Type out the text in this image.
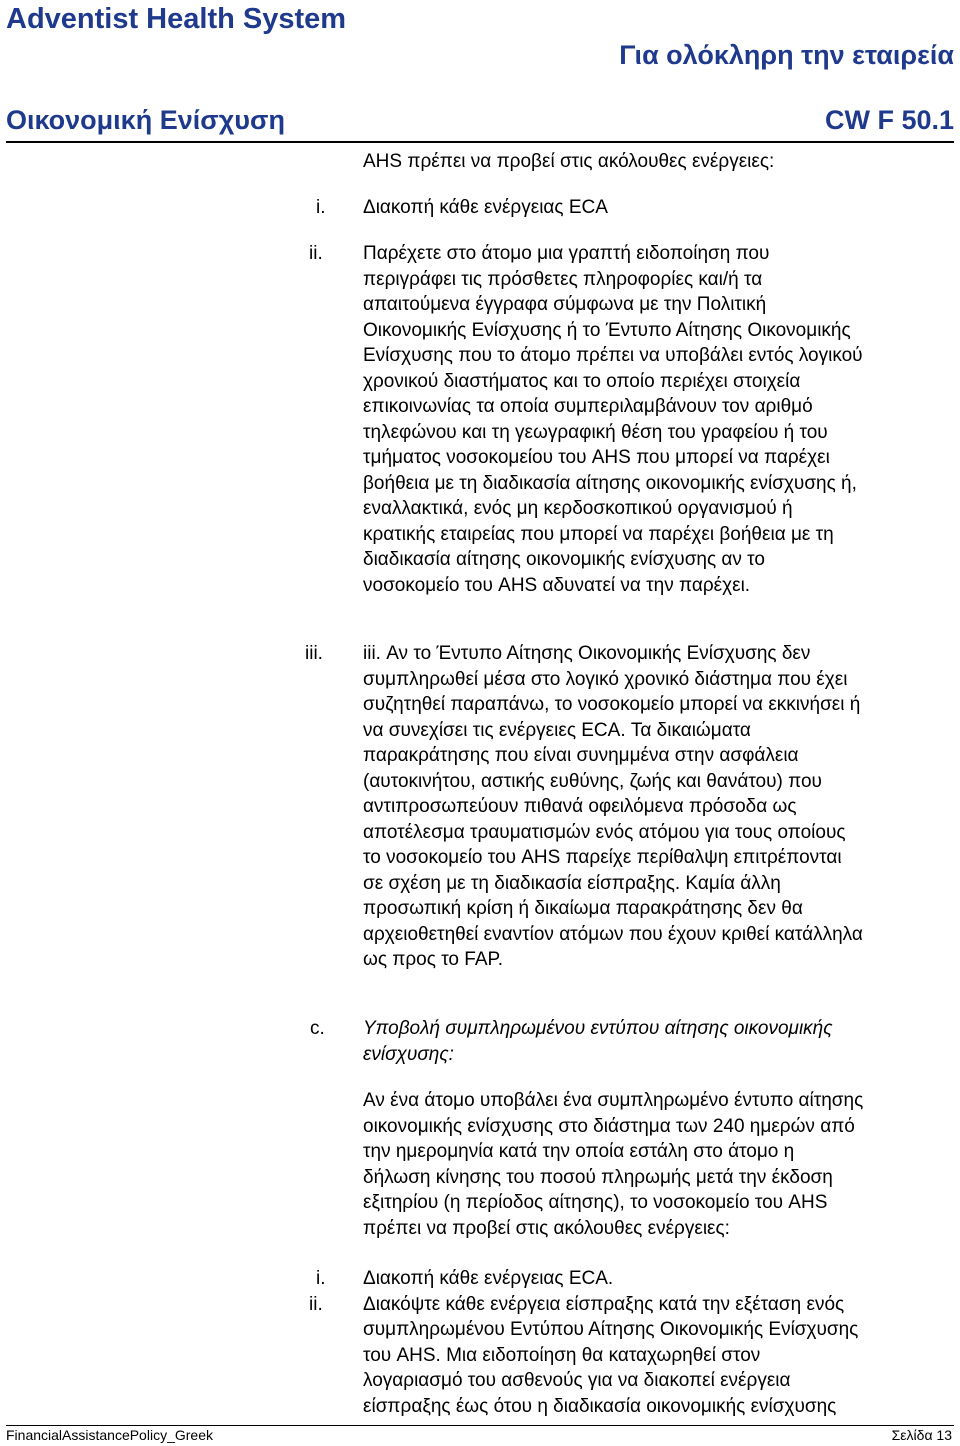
Adventist Health System
Για ολόκληρη την εταιρεία
Οικονομική Ενίσχυση	CW F 50.1
AHS πρέπει να προβεί στις ακόλουθες ενέργειες:
i. Διακοπή κάθε ενέργειας ECA
ii. Παρέχετε στο άτομο μια γραπτή ειδοποίηση που
περιγράφει τις πρόσθετες πληροφορίες και/ή τα
απαιτούμενα έγγραφα σύμφωνα με την Πολιτική
Οικονομικής Ενίσχυσης ή το Έντυπο Αίτησης Οικονομικής
Ενίσχυσης που το άτομο πρέπει να υποβάλει εντός λογικού
χρονικού διαστήματος και το οποίο περιέχει στοιχεία
επικοινωνίας τα οποία συμπεριλαμβάνουν τον αριθμό
τηλεφώνου και τη γεωγραφική θέση του γραφείου ή του
τμήματος νοσοκομείου του AHS που μπορεί να παρέχει
βοήθεια με τη διαδικασία αίτησης οικονομικής ενίσχυσης ή,
εναλλακτικά, ενός μη κερδοσκοπικού οργανισμού ή
κρατικής εταιρείας που μπορεί να παρέχει βοήθεια με τη
διαδικασία αίτησης οικονομικής ενίσχυσης αν το
νοσοκομείο του AHS αδυνατεί να την παρέχει.
iii. iii. Αν το Έντυπο Αίτησης Οικονομικής Ενίσχυσης δεν
συμπληρωθεί μέσα στο λογικό χρονικό διάστημα που έχει
συζητηθεί παραπάνω, το νοσοκομείο μπορεί να εκκινήσει ή
να συνεχίσει τις ενέργειες ECA. Τα δικαιώματα
παρακράτησης που είναι συνημμένα στην ασφάλεια
(αυτοκινήτου, αστικής ευθύνης, ζωής και θανάτου) που
αντιπροσωπεύουν πιθανά οφειλόμενα πρόσοδα ως
αποτέλεσμα τραυματισμών ενός ατόμου για τους οποίους
το νοσοκομείο του AHS παρείχε περίθαλψη επιτρέπονται
σε σχέση με τη διαδικασία είσπραξης. Καμία άλλη
προσωπική κρίση ή δικαίωμα παρακράτησης δεν θα
αρχειοθετηθεί εναντίον ατόμων που έχουν κριθεί κατάλληλα
ως προς το FAP.
c. Υποβολή συμπληρωμένου εντύπου αίτησης οικονομικής
ενίσχυσης:
Αν ένα άτομο υποβάλει ένα συμπληρωμένο έντυπο αίτησης
οικονομικής ενίσχυσης στο διάστημα των 240 ημερών από
την ημερομηνία κατά την οποία εστάλη στο άτομο η
δήλωση κίνησης του ποσού πληρωμής μετά την έκδοση
εξιτηρίου (η περίοδος αίτησης), το νοσοκομείο του AHS
πρέπει να προβεί στις ακόλουθες ενέργειες:
i. Διακοπή κάθε ενέργειας ECA.
ii. Διακόψτε κάθε ενέργεια είσπραξης κατά την εξέταση ενός
συμπληρωμένου Εντύπου Αίτησης Οικονομικής Ενίσχυσης
του AHS. Μια ειδοποίηση θα καταχωρηθεί στον
λογαριασμό του ασθενούς για να διακοπεί ενέργεια
είσπραξης έως ότου η διαδικασία οικονομικής ενίσχυσης
FinancialAssistancePolicy_Greek	Σελίδα 13
